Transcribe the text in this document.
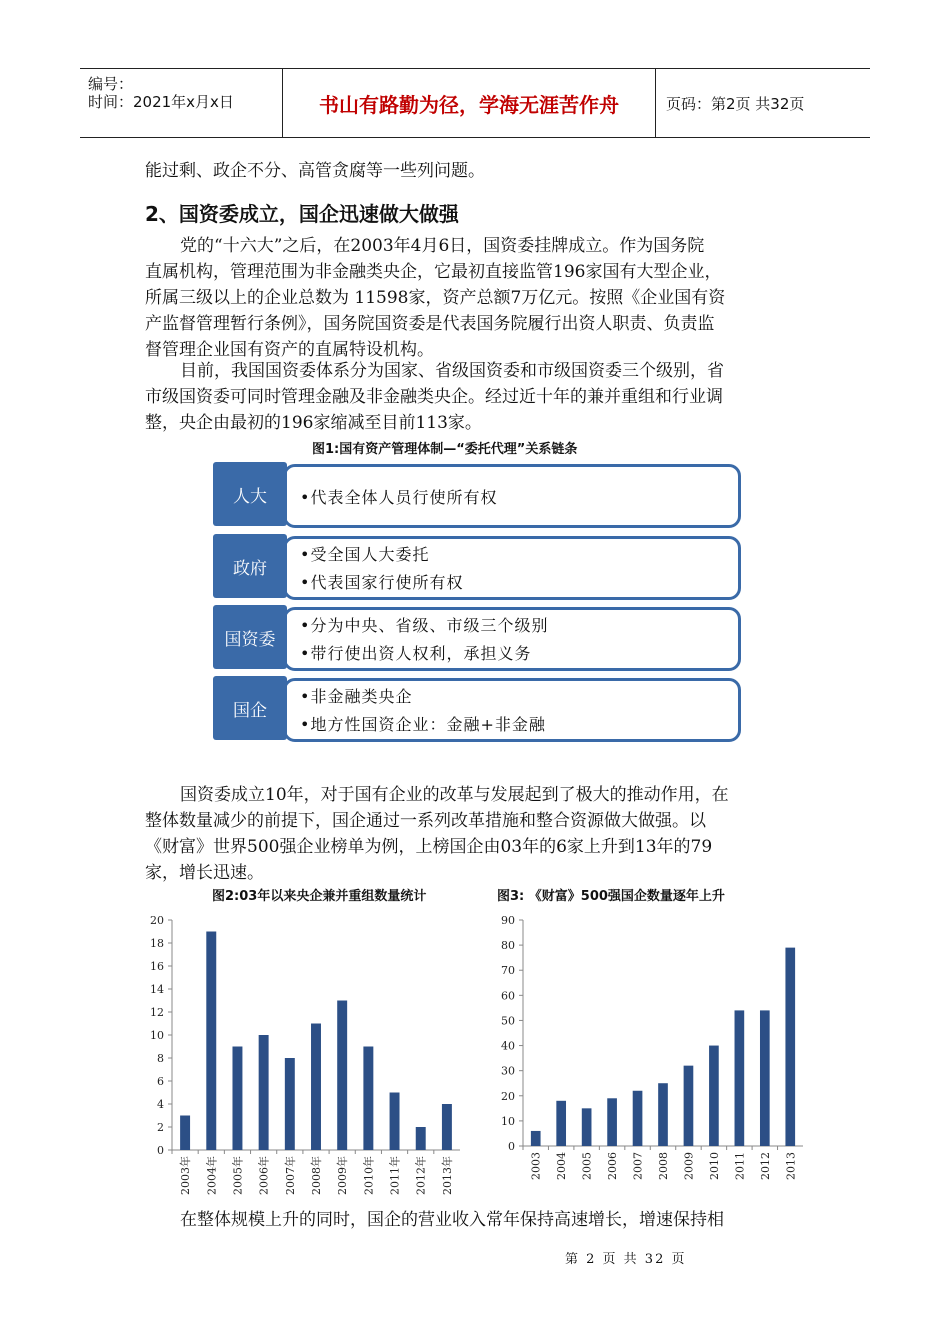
编号：
时间：2021年x月x日	书山有路勤为径，学海无涯苦作舟	页码：第2页 共32页

能过剩、政企不分、高管贪腐等一些列问题。

2、国资委成立，国企迅速做大做强

党的“十六大”之后，在2003年4月6日，国资委挂牌成立。作为国务院

直属机构，管理范围为非金融类央企，它最初直接监管196家国有大型企业，

所属三级以上的企业总数为 11598家，资产总额7万亿元。按照《企业国有资

产监督管理暂行条例》，国务院国资委是代表国务院履行出资人职责、负责监

督管理企业国有资产的直属特设机构。

目前，我国国资委体系分为国家、省级国资委和市级国资委三个级别，省

市级国资委可同时管理金融及非金融类央企。经过近十年的兼并重组和行业调

整，央企由最初的196家缩减至目前113家。

图1:国有资产管理体制—“委托代理”关系链条
•代表全体人员行使所有权
人大
•受全国人大委托
•代表国家行使所有权
政府
•分为中央、省级、市级三个级别
•带行使出资人权利，承担义务
国资委
•非金融类央企
•地方性国资企业：金融+非金融
国企

国资委成立10年，对于国有企业的改革与发展起到了极大的推动作用，在

整体数量减少的前提下，国企通过一系列改革措施和整合资源做大做强。以

《财富》世界500强企业榜单为例，上榜国企由03年的6家上升到13年的79

家，增长迅速。

图2:03年以来央企兼并重组数量统计	图3: 《财富》500强国企数量逐年上升
0
2
4
6
8
10
12
14
16
18
20
2003年 2004年 2005年 2006年 2007年 2008年 2009年 2010年 2011年 2012年 2013年
0
10
20
30
40
50
60
70
80
90
2003 2004 2005 2006 2007 2008 2009 2010 2011 2012 2013

在整体规模上升的同时，国企的营业收入常年保持高速增长，增速保持相

第 2 页 共 32 页
